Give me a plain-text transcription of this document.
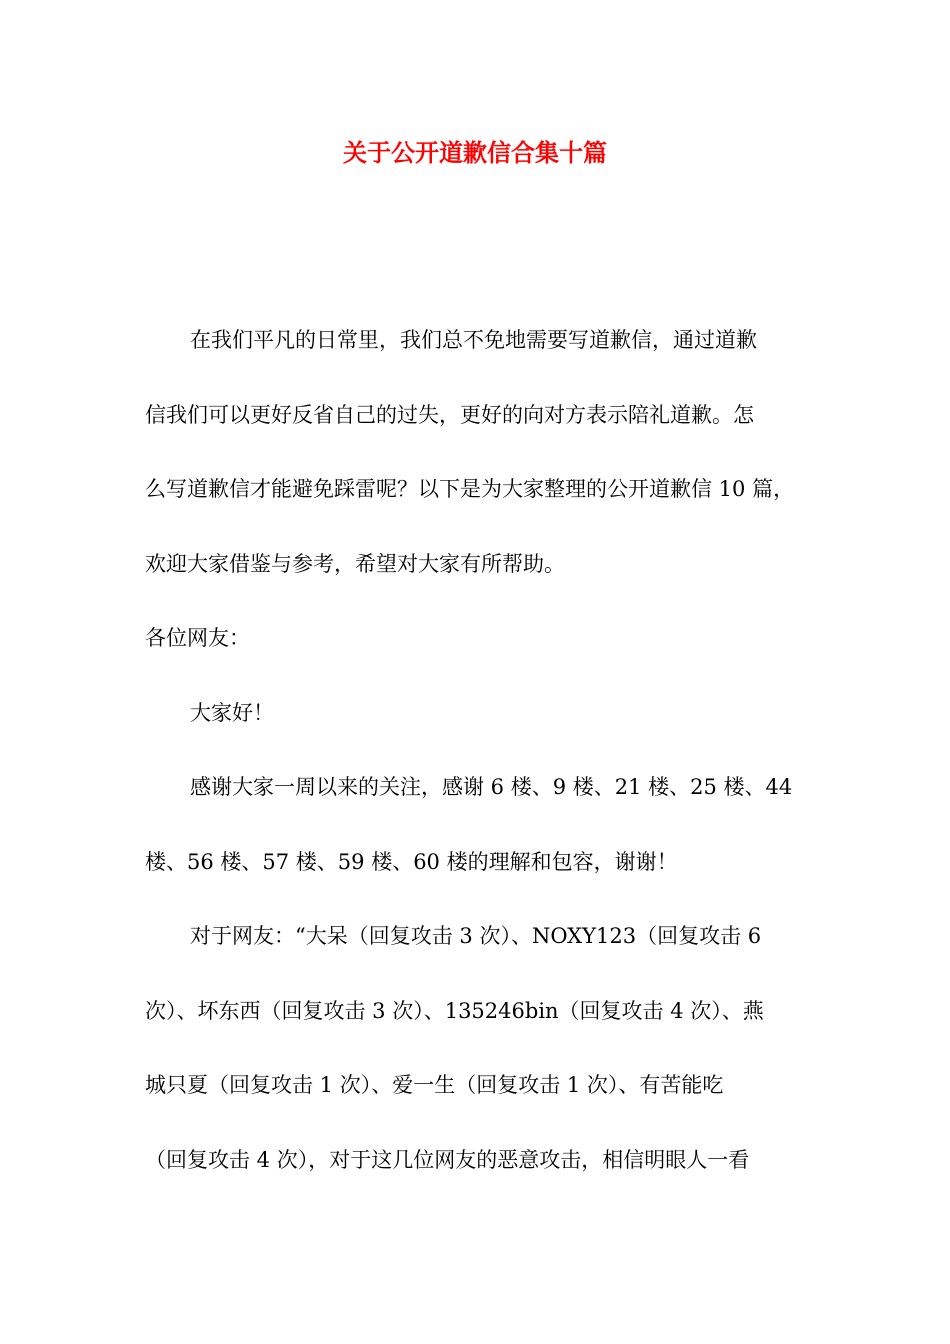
关于公开道歉信合集十篇

在我们平凡的日常里，我们总不免地需要写道歉信，通过道歉

信我们可以更好反省自己的过失，更好的向对方表示陪礼道歉。怎

么写道歉信才能避免踩雷呢？以下是为大家整理的公开道歉信 10 篇，

欢迎大家借鉴与参考，希望对大家有所帮助。

各位网友：

大家好！

感谢大家一周以来的关注，感谢 6 楼、9 楼、21 楼、25 楼、44

楼、56 楼、57 楼、59 楼、60 楼的理解和包容，谢谢！

对于网友：“大呆（回复攻击 3 次）、NOXY123（回复攻击 6

次）、坏东西（回复攻击 3 次）、135246bin（回复攻击 4 次）、燕

城只夏（回复攻击 1 次）、爱一生（回复攻击 1 次）、有苦能吃

（回复攻击 4 次），对于这几位网友的恶意攻击，相信明眼人一看
